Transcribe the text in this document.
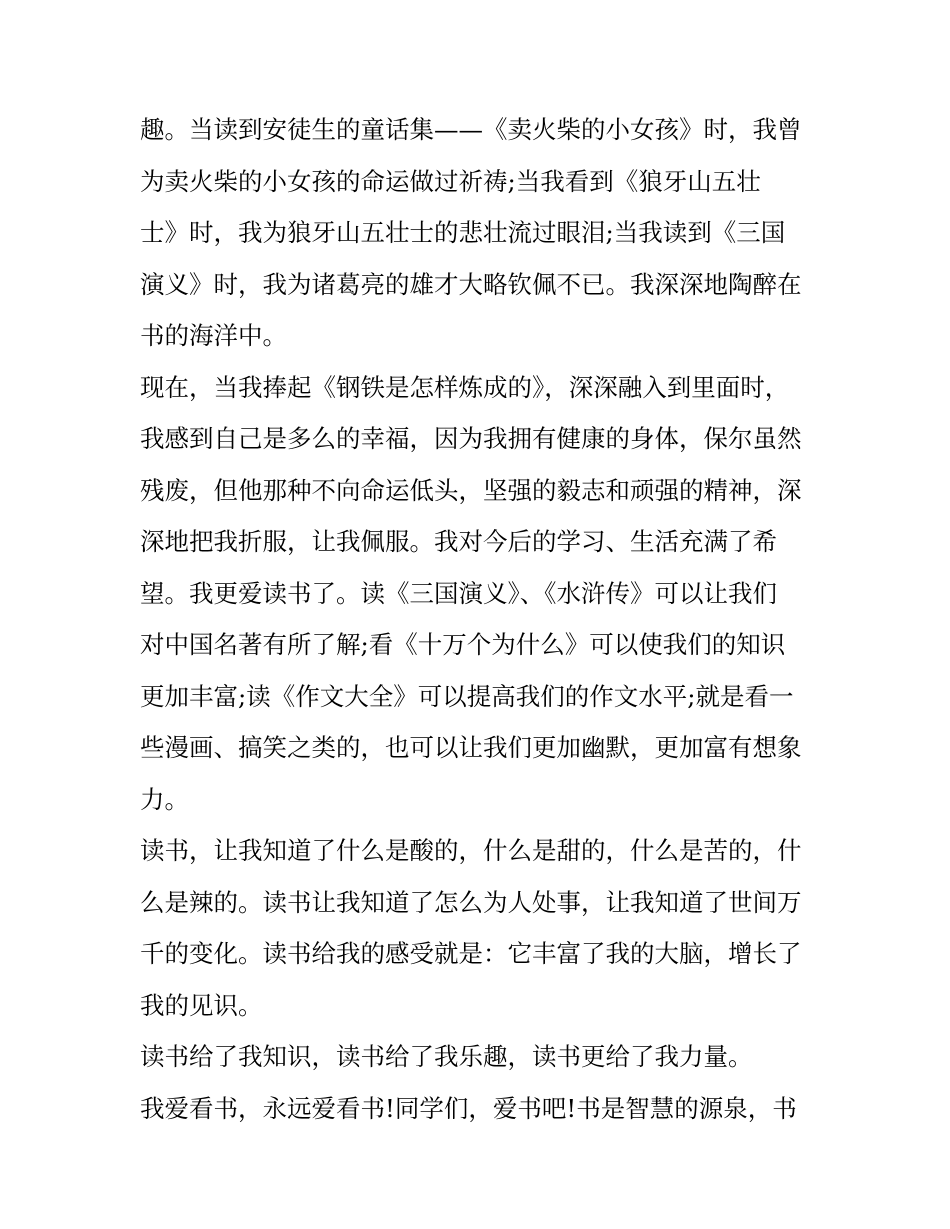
趣。当读到安徒生的童话集——《卖火柴的小女孩》时，我曾
为卖火柴的小女孩的命运做过祈祷;当我看到《狼牙山五壮
士》时，我为狼牙山五壮士的悲壮流过眼泪;当我读到《三国
演义》时，我为诸葛亮的雄才大略钦佩不已。我深深地陶醉在
书的海洋中。
现在，当我捧起《钢铁是怎样炼成的》，深深融入到里面时，
我感到自己是多么的幸福，因为我拥有健康的身体，保尔虽然
残废，但他那种不向命运低头，坚强的毅志和顽强的精神，深
深地把我折服，让我佩服。我对今后的学习、生活充满了希
望。我更爱读书了。读《三国演义》、《水浒传》可以让我们
对中国名著有所了解;看《十万个为什么》可以使我们的知识
更加丰富;读《作文大全》可以提高我们的作文水平;就是看一
些漫画、搞笑之类的，也可以让我们更加幽默，更加富有想象
力。
读书，让我知道了什么是酸的，什么是甜的，什么是苦的，什
么是辣的。读书让我知道了怎么为人处事，让我知道了世间万
千的变化。读书给我的感受就是：它丰富了我的大脑，增长了
我的见识。
读书给了我知识，读书给了我乐趣，读书更给了我力量。
我爱看书，永远爱看书!同学们，爱书吧!书是智慧的源泉，书
